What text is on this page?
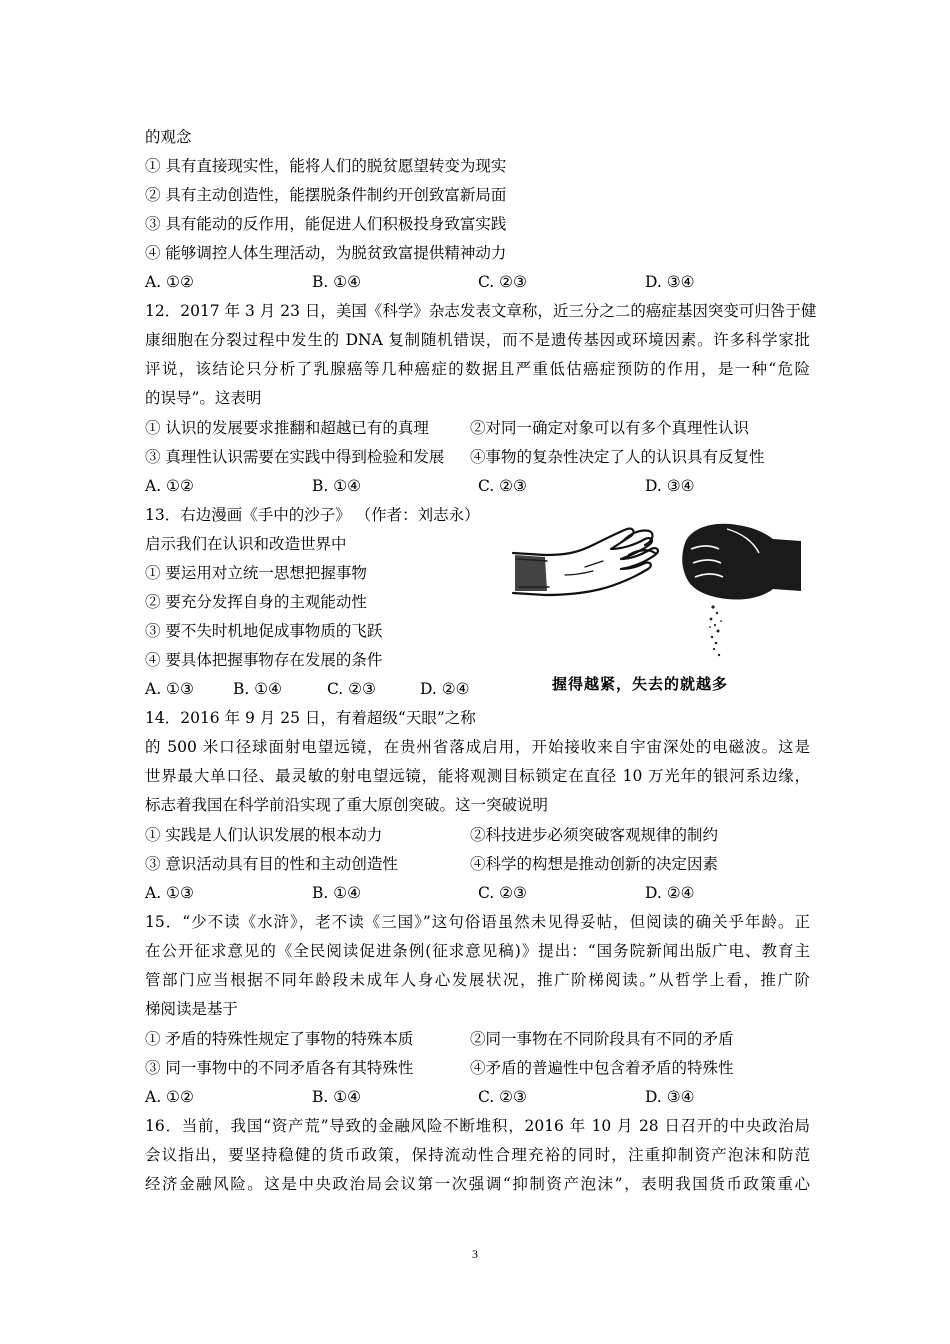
的观念
① 具有直接现实性，能将人们的脱贫愿望转变为现实
② 具有主动创造性，能摆脱条件制约开创致富新局面
③ 具有能动的反作用，能促进人们积极投身致富实践
④ 能够调控人体生理活动，为脱贫致富提供精神动力
A. ①②	B. ①④	C. ②③	D. ③④
12．2017 年 3 月 23 日，美国《科学》杂志发表文章称，近三分之二的癌症基因突变可归咎于健
康细胞在分裂过程中发生的 DNA 复制随机错误，而不是遗传基因或环境因素。许多科学家批
评说，该结论只分析了乳腺癌等几种癌症的数据且严重低估癌症预防的作用，是一种“危险
的误导”。这表明
① 认识的发展要求推翻和超越已有的真理	②对同一确定对象可以有多个真理性认识
③ 真理性认识需要在实践中得到检验和发展 ④事物的复杂性决定了人的认识具有反复性
A. ①②	B. ①④	C. ②③	D. ③④
13．右边漫画《手中的沙子》 （作者：刘志永）
启示我们在认识和改造世界中
① 要运用对立统一思想把握事物
② 要充分发挥自身的主观能动性
③ 要不失时机地促成事物质的飞跃
④ 要具体把握事物存在发展的条件
A. ①③	B. ①④	C. ②③	D. ②④	握得越紧，失去的就越多
14．2016 年 9 月 25 日，有着超级“天眼”之称
的 500 米口径球面射电望远镜，在贵州省落成启用，开始接收来自宇宙深处的电磁波。这是
世界最大单口径、最灵敏的射电望远镜，能将观测目标锁定在直径 10 万光年的银河系边缘，
标志着我国在科学前沿实现了重大原创突破。这一突破说明
① 实践是人们认识发展的根本动力	②科技进步必须突破客观规律的制约
③ 意识活动具有目的性和主动创造性	④科学的构想是推动创新的决定因素
A. ①③	B. ①④	C. ②③	D. ②④
15．“少不读《水浒》，老不读《三国》”这句俗语虽然未见得妥帖，但阅读的确关乎年龄。正
在公开征求意见的《全民阅读促进条例(征求意见稿)》提出：“国务院新闻出版广电、教育主
管部门应当根据不同年龄段未成年人身心发展状况，推广阶梯阅读。”从哲学上看，推广阶
梯阅读是基于
① 矛盾的特殊性规定了事物的特殊本质	②同一事物在不同阶段具有不同的矛盾
③ 同一事物中的不同矛盾各有其特殊性	④矛盾的普遍性中包含着矛盾的特殊性
A. ①②	B. ①④	C. ②③	D. ③④
16．当前，我国“资产荒”导致的金融风险不断堆积，2016 年 10 月 28 日召开的中央政治局
会议指出，要坚持稳健的货币政策，保持流动性合理充裕的同时，注重抑制资产泡沫和防范
经济金融风险。这是中央政治局会议第一次强调“抑制资产泡沫”，表明我国货币政策重心
3
